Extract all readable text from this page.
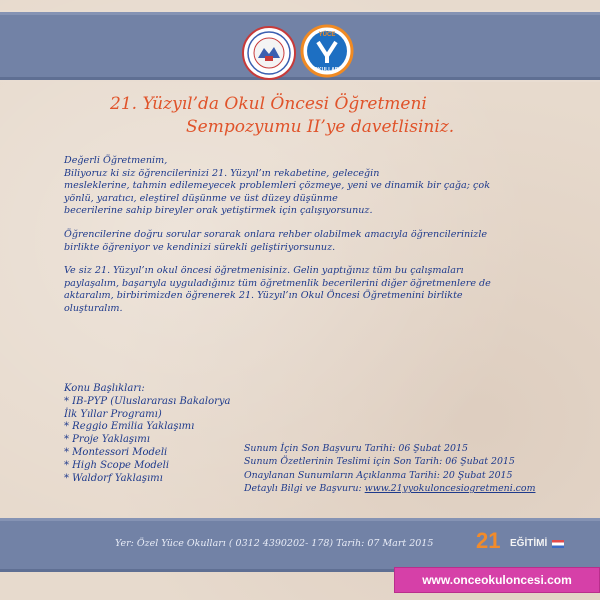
YÜCE
OKULLARI
21. Yüzyıl’da Okul Öncesi Öğretmeni
Sempozyumu II’ye davetlisiniz.

Değerli Öğretmenim,
Biliyoruz ki siz öğrencilerinizi 21. Yüzyıl’ın rekabetine, geleceğin
mesleklerine, tahmin edilemeyecek problemleri çözmeye, yeni ve dinamik bir çağa; çok
yönlü, yaratıcı, eleştirel düşünme ve üst düzey düşünme
becerilerine sahip bireyler orak yetiştirmek için çalışıyorsunuz.

Öğrencilerine doğru sorular sorarak onlara rehber olabilmek amacıyla öğrencilerinizle
birlikte öğreniyor ve kendinizi sürekli geliştiriyorsunuz.

Ve siz 21. Yüzyıl’ın okul öncesi öğretmenisiniz. Gelin yaptığınız tüm bu çalışmaları
paylaşalım, başarıyla uyguladığınız tüm öğretmenlik becerilerini diğer öğretmenlere de
aktaralım, birbirimizden öğrenerek 21. Yüzyıl’ın Okul Öncesi Öğretmenini birlikte
oluşturalım.

Konu Başlıkları:
* IB-PYP (Uluslararası Bakalorya
İlk Yıllar Programı)
* Reggio Emilia Yaklaşımı
* Proje Yaklaşımı
* Montessori Modeli
* High Scope Modeli
* Waldorf Yaklaşımı
Sunum İçin Son Başvuru Tarihi: 06 Şubat 2015
Sunum Özetlerinin Teslimi için Son Tarih: 06 Şubat 2015
Onaylanan Sunumların Açıklanma Tarihi: 20 Şubat 2015
Detaylı Bilgi ve Başvuru: www.21yyokuloncesiogretmeni.com
Yer: Özel Yüce Okulları ( 0312 4390202- 178) Tarih: 07 Mart 2015	21 EĞİTİMİ
www.onceokuloncesi.com
